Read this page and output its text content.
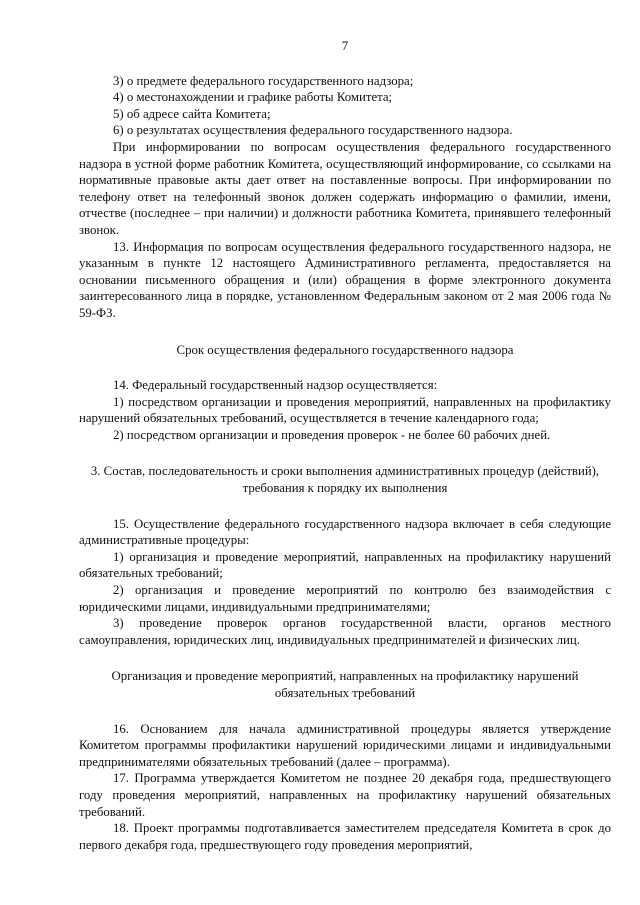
7

3) о предмете федерального государственного надзора;

4) о местонахождении и графике работы Комитета;

5) об адресе сайта Комитета;

6) о результатах осуществления федерального государственного надзора.

При информировании по вопросам осуществления федерального государственного надзора в устной форме работник Комитета, осуществляющий информирование, со ссылками на нормативные правовые акты дает ответ на поставленные вопросы. При информировании по телефону ответ на телефонный звонок должен содержать информацию о фамилии, имени, отчестве (последнее – при наличии) и должности работника Комитета, принявшего телефонный звонок.

13. Информация по вопросам осуществления федерального государственного надзора, не указанным в пункте 12 настоящего Административного регламента, предоставляется на основании письменного обращения и (или) обращения в форме электронного документа заинтересованного лица в порядке, установленном Федеральным законом от 2 мая 2006 года № 59-ФЗ.

Срок осуществления федерального государственного надзора

14. Федеральный государственный надзор осуществляется:

1) посредством организации и проведения мероприятий, направленных на профилактику нарушений обязательных требований, осуществляется в течение календарного года;

2) посредством организации и проведения проверок - не более 60 рабочих дней.

3. Состав, последовательность и сроки выполнения административных процедур (действий), требования к порядку их выполнения

15. Осуществление федерального государственного надзора включает в себя следующие административные процедуры:

1) организация и проведение мероприятий, направленных на профилактику нарушений обязательных требований;

2) организация и проведение мероприятий по контролю без взаимодействия с юридическими лицами, индивидуальными предпринимателями;

3) проведение проверок органов государственной власти, органов местного самоуправления, юридических лиц, индивидуальных предпринимателей и физических лиц.

Организация и проведение мероприятий, направленных на профилактику нарушений обязательных требований

16. Основанием для начала административной процедуры является утверждение Комитетом программы профилактики нарушений юридическими лицами и индивидуальными предпринимателями обязательных требований (далее – программа).

17. Программа утверждается Комитетом не позднее 20 декабря года, предшествующего году проведения мероприятий, направленных на профилактику нарушений обязательных требований.

18. Проект программы подготавливается заместителем председателя Комитета в срок до первого декабря года, предшествующего году проведения мероприятий,
